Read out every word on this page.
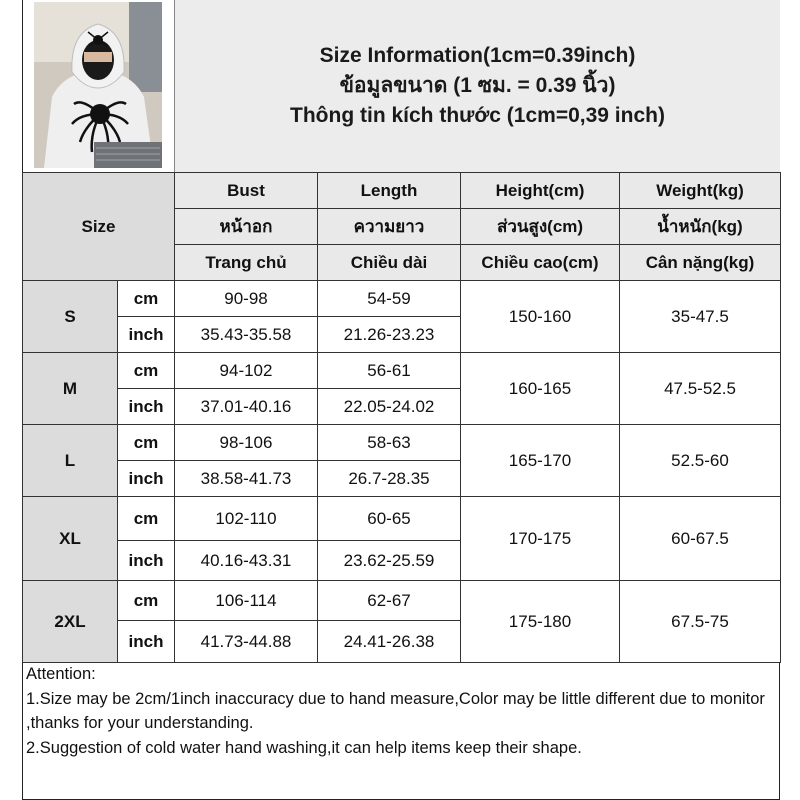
Size Information(1cm=0.39inch)
ข้อมูลขนาด (1 ซม. = 0.39 นิ้ว)
Thông tin kích thước (1cm=0,39 inch)
Size		Bust	Length	Height(cm)	Weight(kg)
		หน้าอก	ความยาว	ส่วนสูง(cm)	น้ำหนัก(kg)
		Trang chủ	Chiều dài	Chiều cao(cm)	Cân nặng(kg)
S	cm	90-98	54-59	150-160	35-47.5
	inch	35.43-35.58	21.26-23.23		
M	cm	94-102	56-61	160-165	47.5-52.5
	inch	37.01-40.16	22.05-24.02		
L	cm	98-106	58-63	165-170	52.5-60
	inch	38.58-41.73	26.7-28.35		
XL	cm	102-110	60-65	170-175	60-67.5
	inch	40.16-43.31	23.62-25.59		
2XL	cm	106-114	62-67	175-180	67.5-75
	inch	41.73-44.88	24.41-26.38		
Attention:
1.Size may be 2cm/1inch inaccuracy due to hand measure,Color may be little different due to monitor ,thanks for your understanding.
2.Suggestion of cold water hand washing,it can help items keep their shape.
